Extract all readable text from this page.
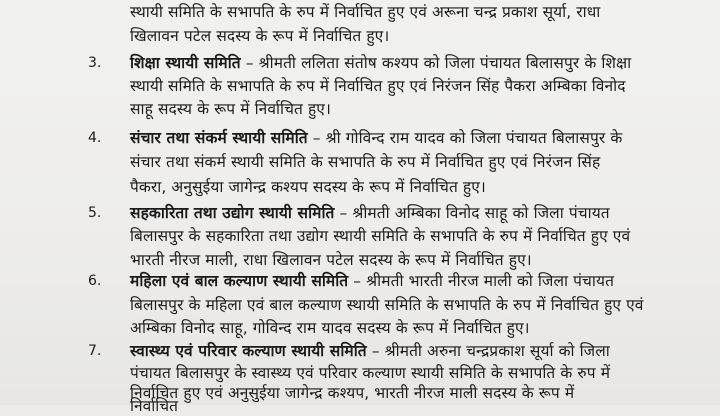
स्थायी समिति के सभापति के रुप में निर्वाचित हुए एवं अरूना चन्द्र प्रकाश सूर्या, राधा
खिलावन पटेल सदस्य के रूप में निर्वाचित हुए।
3. शिक्षा स्थायी समिति – श्रीमती ललिता संतोष कश्यप को जिला पंचायत बिलासपुर के शिक्षा
स्थायी समिति के सभापति के रुप में निर्वाचित हुए एवं निरंजन सिंह पैकरा अम्बिका विनोद
साहू सदस्य के रूप में निर्वाचित हुए।
4. संचार तथा संकर्म स्थायी समिति – श्री गोविन्द राम यादव को जिला पंचायत बिलासपुर के
संचार तथा संकर्म स्थायी समिति के सभापति के रुप में निर्वाचित हुए एवं निरंजन सिंह
पैकरा, अनुसुईया जागेन्द्र कश्यप सदस्य के रूप में निर्वाचित हुए।
5. सहकारिता तथा उद्योग स्थायी समिति – श्रीमती अम्बिका विनोद साहू को जिला पंचायत
बिलासपुर के सहकारिता तथा उद्योग स्थायी समिति के सभापति के रुप में निर्वाचित हुए एवं
भारती नीरज माली, राधा खिलावन पटेल सदस्य के रूप में निर्वाचित हुए।
6. महिला एवं बाल कल्याण स्थायी समिति – श्रीमती भारती नीरज माली को जिला पंचायत
बिलासपुर के महिला एवं बाल कल्याण स्थायी समिति के सभापति के रुप में निर्वाचित हुए एवं
अम्बिका विनोद साहू, गोविन्द राम यादव सदस्य के रूप में निर्वाचित हुए।
7. स्वास्थ्य एवं परिवार कल्याण स्थायी समिति – श्रीमती अरुना चन्द्रप्रकाश सूर्या को जिला
पंचायत बिलासपुर के स्वास्थ्य एवं परिवार कल्याण स्थायी समिति के सभापति के रुप में
निर्वाचित हुए एवं अनुसुईया जागेन्द्र कश्यप, भारती नीरज माली सदस्य के रूप में
निर्वाचित
